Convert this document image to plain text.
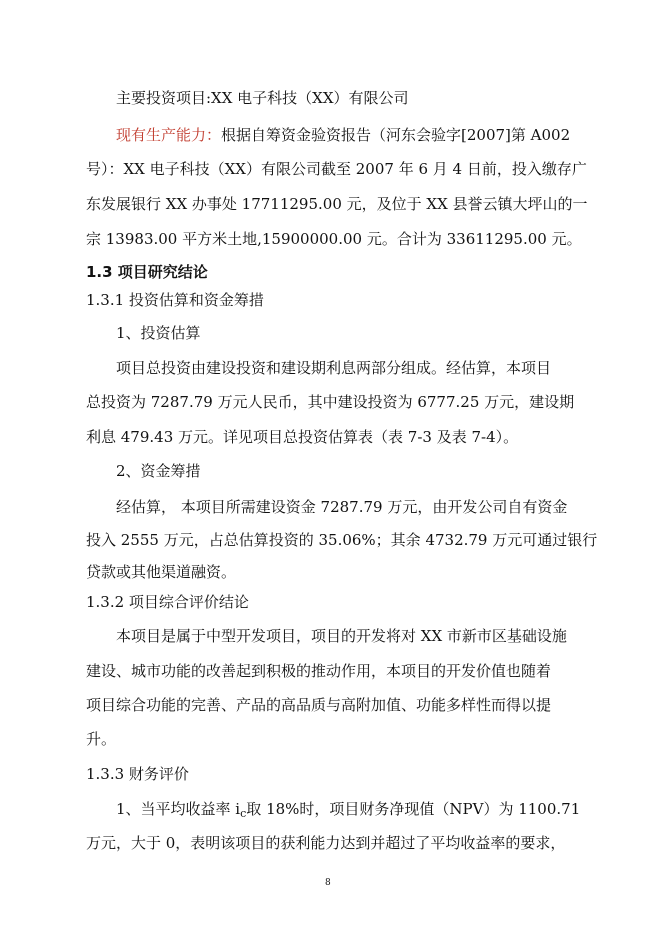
主要投资项目:XX 电子科技（XX）有限公司
现有生产能力：根据自筹资金验资报告（河东会验字[2007]第 A002
号）：XX 电子科技（XX）有限公司截至 2007 年 6 月 4 日前，投入缴存广
东发展银行 XX 办事处 17711295.00 元，及位于 XX 县誉云镇大坪山的一
宗 13983.00 平方米土地,15900000.00 元。合计为 33611295.00 元。
1.3 项目研究结论
1.3.1 投资估算和资金筹措
1、投资估算
项目总投资由建设投资和建设期利息两部分组成。经估算，本项目
总投资为 7287.79 万元人民币，其中建设投资为 6777.25 万元，建设期
利息 479.43 万元。详见项目总投资估算表（表 7-3 及表 7-4）。
2、资金筹措
经估算， 本项目所需建设资金 7287.79 万元，由开发公司自有资金
投入 2555 万元，占总估算投资的 35.06%；其余 4732.79 万元可通过银行
贷款或其他渠道融资。
1.3.2 项目综合评价结论
本项目是属于中型开发项目，项目的开发将对 XX 市新市区基础设施
建设、城市功能的改善起到积极的推动作用，本项目的开发价值也随着
项目综合功能的完善、产品的高品质与高附加值、功能多样性而得以提
升。
1.3.3 财务评价
1、当平均收益率 $i_c$取 18%时，项目财务净现值（NPV）为 1100.71
万元，大于 0，表明该项目的获利能力达到并超过了平均收益率的要求，
8
